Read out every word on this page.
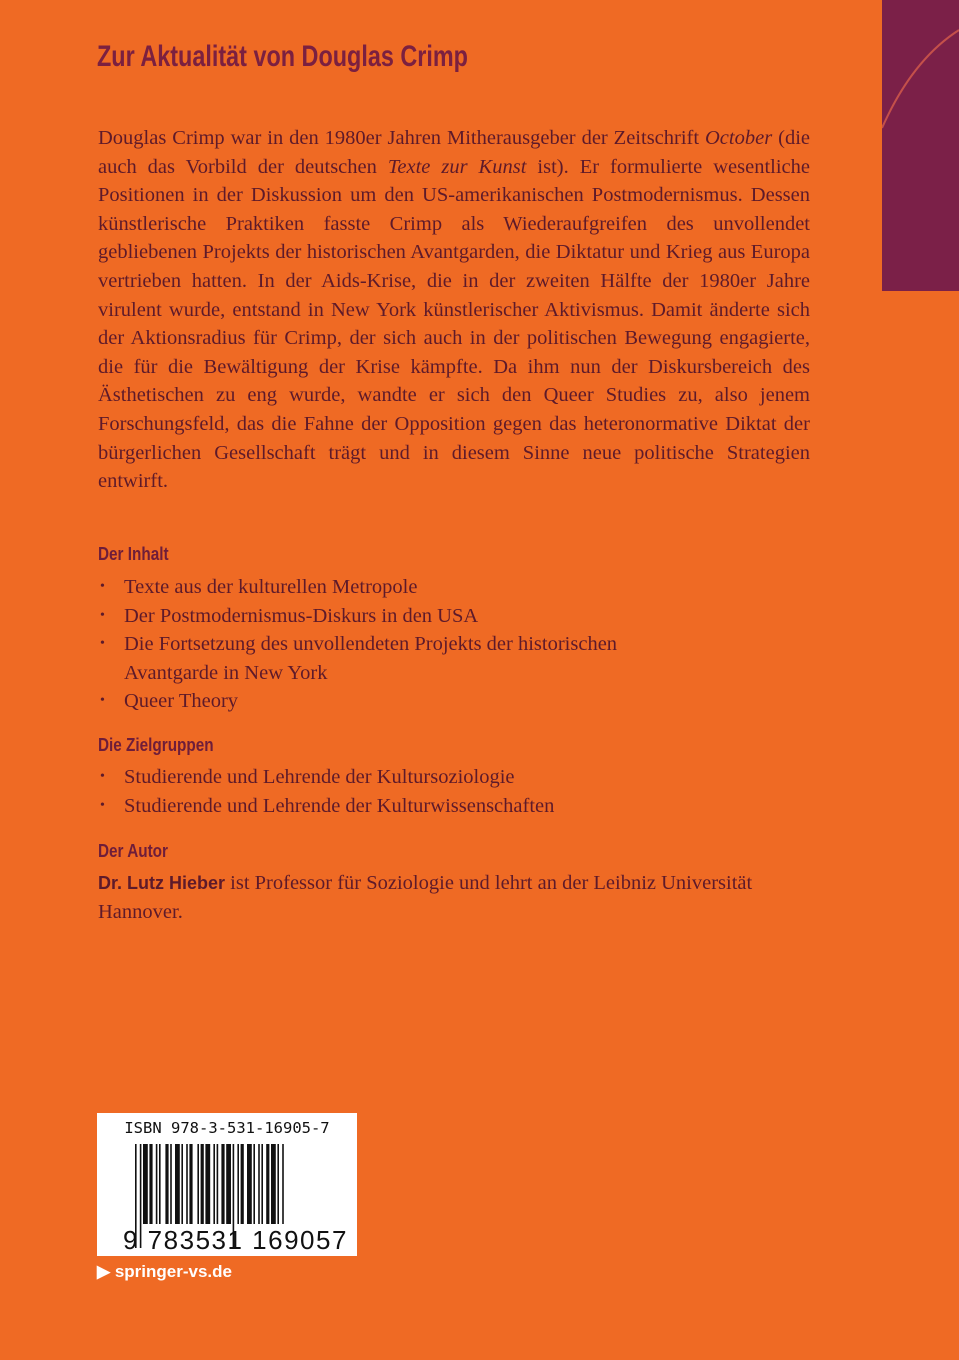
Zur Aktualität von Douglas Crimp
Douglas Crimp war in den 1980er Jahren Mitherausgeber der Zeitschrift October (die auch das Vorbild der deutschen Texte zur Kunst ist). Er formulierte wesentliche Positionen in der Diskussion um den US-amerikanischen Postmodernismus. Dessen künstlerische Praktiken fasste Crimp als Wiederaufgreifen des unvollendet gebliebenen Projekts der historischen Avantgarden, die Diktatur und Krieg aus Europa vertrieben hatten. In der Aids-Krise, die in der zweiten Hälfte der 1980er Jahre virulent wurde, entstand in New York künstlerischer Aktivismus. Damit änderte sich der Aktionsradius für Crimp, der sich auch in der politischen Bewegung engagierte, die für die Bewältigung der Krise kämpfte. Da ihm nun der Diskursbereich des Ästhetischen zu eng wurde, wandte er sich den Queer Studies zu, also jenem Forschungsfeld, das die Fahne der Opposition gegen das heteronormative Diktat der bürgerlichen Gesellschaft trägt und in diesem Sinne neue politische Strategien entwirft.
Der Inhalt
• Texte aus der kulturellen Metropole
• Der Postmodernismus-Diskurs in den USA
• Die Fortsetzung des unvollendeten Projekts der historischen Avantgarde in New York
• Queer Theory
Die Zielgruppen
• Studierende und Lehrende der Kultursoziologie
• Studierende und Lehrende der Kulturwissenschaften
Der Autor
Dr. Lutz Hieber ist Professor für Soziologie und lehrt an der Leibniz Universität Hannover.
ISBN 978-3-531-16905-7
9 783531 169057
▶ springer-vs.de
